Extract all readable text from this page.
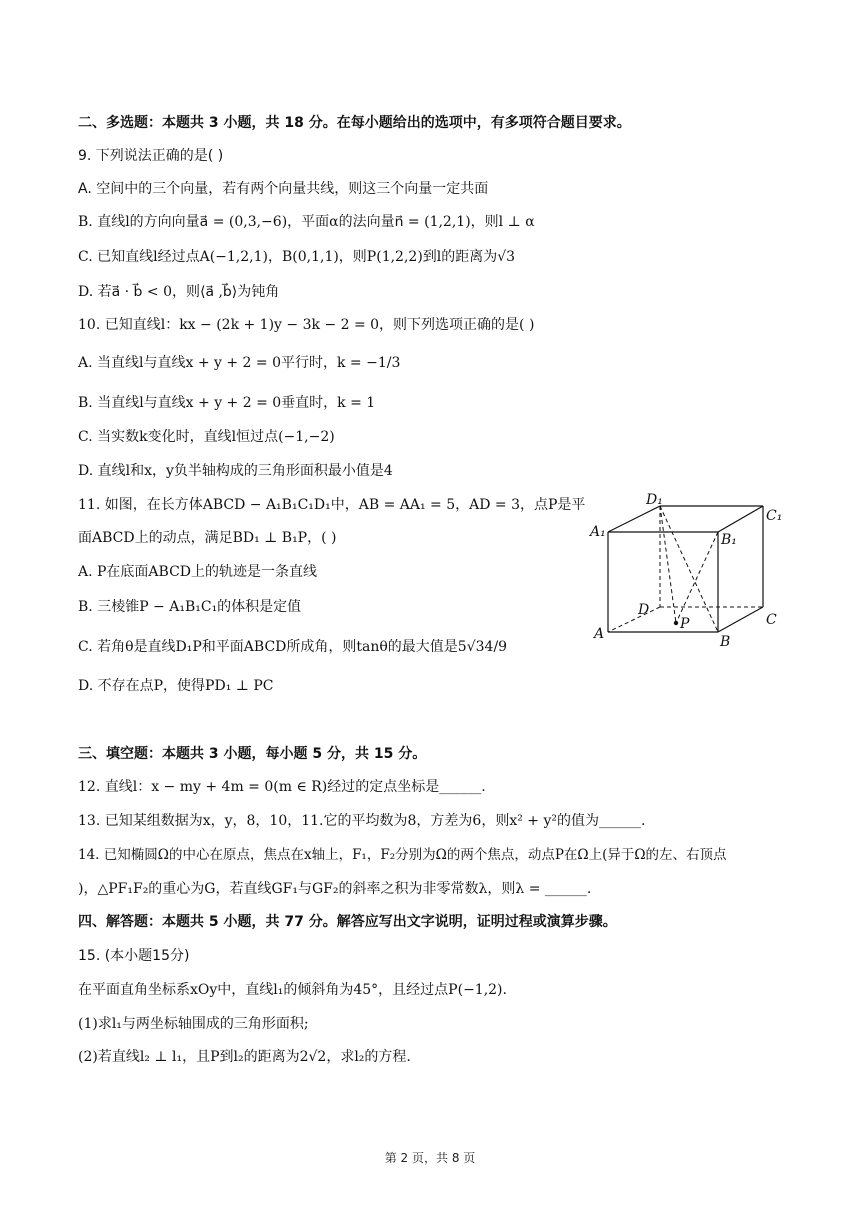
二、多选题：本题共 3 小题，共 18 分。在每小题给出的选项中，有多项符合题目要求。
9. 下列说法正确的是( )
A. 空间中的三个向量，若有两个向量共线，则这三个向量一定共面
B. 直线l的方向向量a⃗ = (0,3,−6)，平面α的法向量n⃗ = (1,2,1)，则l ⊥ α
C. 已知直线l经过点A(−1,2,1)，B(0,1,1)，则P(1,2,2)到l的距离为√3
D. 若a⃗ · b⃗ < 0，则⟨a⃗ ,b⃗⟩为钝角
10. 已知直线l：kx − (2k + 1)y − 3k − 2 = 0，则下列选项正确的是( )
A. 当直线l与直线x + y + 2 = 0平行时，k = −1/3
B. 当直线l与直线x + y + 2 = 0垂直时，k = 1
C. 当实数k变化时，直线l恒过点(−1,−2)
D. 直线l和x，y负半轴构成的三角形面积最小值是4
11. 如图，在长方体ABCD − A₁B₁C₁D₁中，AB = AA₁ = 5，AD = 3，点P是平
面ABCD上的动点，满足BD₁ ⊥ B₁P，( )
A. P在底面ABCD上的轨迹是一条直线
B. 三棱锥P − A₁B₁C₁的体积是定值
C. 若角θ是直线D₁P和平面ABCD所成角，则tanθ的最大值是5√34/9
D. 不存在点P，使得PD₁ ⊥ PC
D₁
C₁
A₁	B₁
D
P	C
A	B
三、填空题：本题共 3 小题，每小题 5 分，共 15 分。
12. 直线l：x − my + 4m = 0(m ∈ R)经过的定点坐标是______.
13. 已知某组数据为x，y，8，10，11.它的平均数为8，方差为6，则x² + y²的值为______.
14. 已知椭圆Ω的中心在原点，焦点在x轴上，F₁，F₂分别为Ω的两个焦点，动点P在Ω上(异于Ω的左、右顶点
)，△PF₁F₂的重心为G，若直线GF₁与GF₂的斜率之积为非零常数λ，则λ = ______.
四、解答题：本题共 5 小题，共 77 分。解答应写出文字说明，证明过程或演算步骤。
15. (本小题15分)
在平面直角坐标系xOy中，直线l₁的倾斜角为45°，且经过点P(−1,2).
(1)求l₁与两坐标轴围成的三角形面积;
(2)若直线l₂ ⊥ l₁，且P到l₂的距离为2√2，求l₂的方程.
第 2 页，共 8 页
